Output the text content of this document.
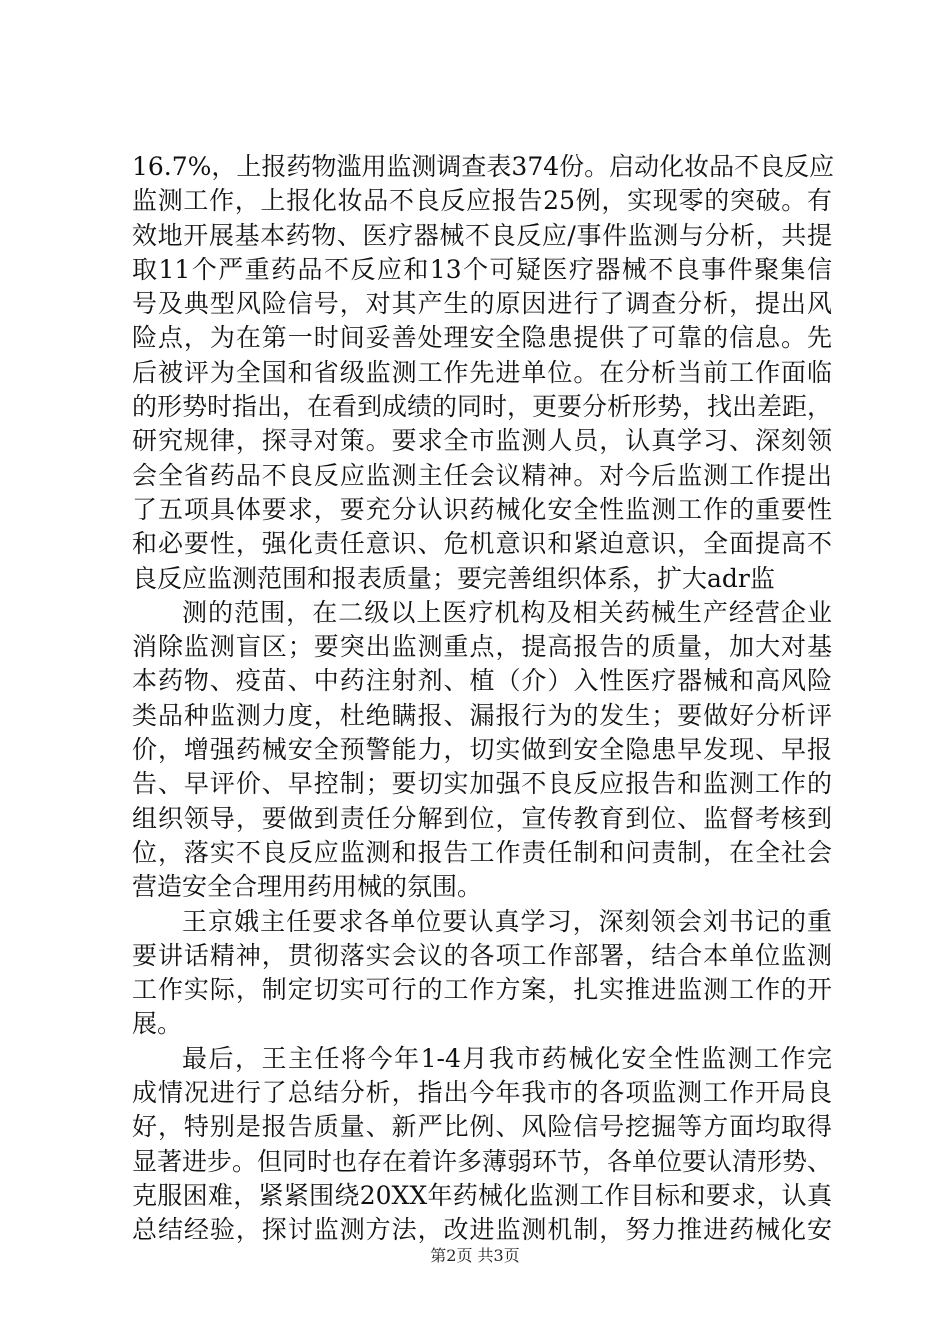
16.7%，上报药物滥用监测调查表374份。启动化妆品不良反应
监测工作，上报化妆品不良反应报告25例，实现零的突破。有
效地开展基本药物、医疗器械不良反应/事件监测与分析，共提
取11个严重药品不反应和13个可疑医疗器械不良事件聚集信
号及典型风险信号，对其产生的原因进行了调查分析，提出风
险点，为在第一时间妥善处理安全隐患提供了可靠的信息。先
后被评为全国和省级监测工作先进单位。在分析当前工作面临
的形势时指出，在看到成绩的同时，更要分析形势，找出差距，
研究规律，探寻对策。要求全市监测人员，认真学习、深刻领
会全省药品不良反应监测主任会议精神。对今后监测工作提出
了五项具体要求，要充分认识药械化安全性监测工作的重要性
和必要性，强化责任意识、危机意识和紧迫意识，全面提高不
良反应监测范围和报表质量；要完善组织体系，扩大adr监
测的范围，在二级以上医疗机构及相关药械生产经营企业
消除监测盲区；要突出监测重点，提高报告的质量，加大对基
本药物、疫苗、中药注射剂、植（介）入性医疗器械和高风险
类品种监测力度，杜绝瞒报、漏报行为的发生；要做好分析评
价，增强药械安全预警能力，切实做到安全隐患早发现、早报
告、早评价、早控制；要切实加强不良反应报告和监测工作的
组织领导，要做到责任分解到位，宣传教育到位、监督考核到
位，落实不良反应监测和报告工作责任制和问责制，在全社会
营造安全合理用药用械的氛围。
王京娥主任要求各单位要认真学习，深刻领会刘书记的重
要讲话精神，贯彻落实会议的各项工作部署，结合本单位监测
工作实际，制定切实可行的工作方案，扎实推进监测工作的开
展。
最后，王主任将今年1-4月我市药械化安全性监测工作完
成情况进行了总结分析，指出今年我市的各项监测工作开局良
好，特别是报告质量、新严比例、风险信号挖掘等方面均取得
显著进步。但同时也存在着许多薄弱环节，各单位要认清形势、
克服困难，紧紧围绕20XX年药械化监测工作目标和要求，认真
总结经验，探讨监测方法，改进监测机制，努力推进药械化安
第2页 共3页
